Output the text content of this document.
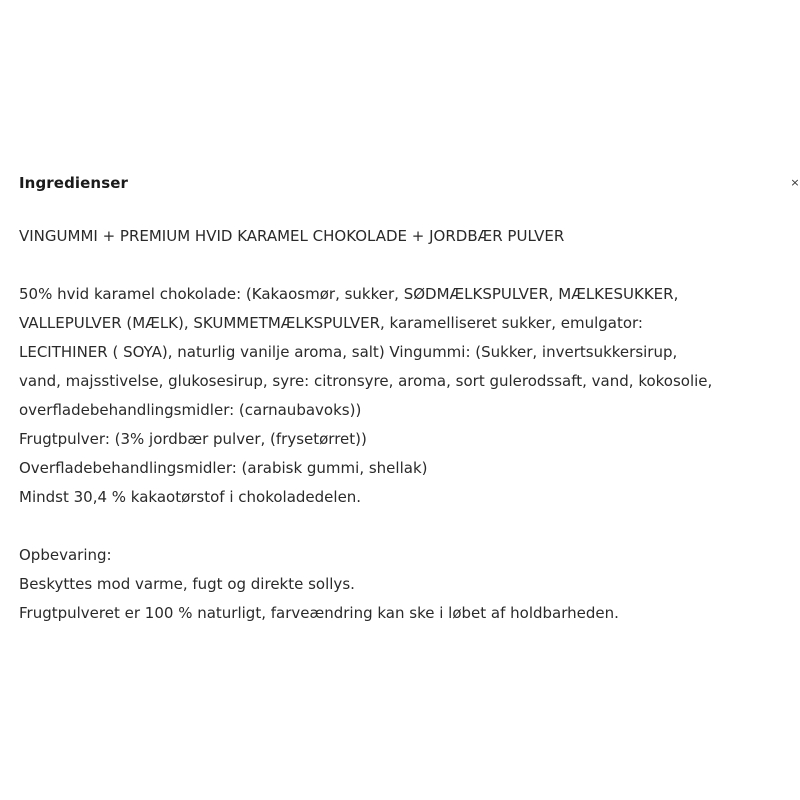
Ingredienser	×
VINGUMMI + PREMIUM HVID KARAMEL CHOKOLADE + JORDBÆR PULVER
50% hvid karamel chokolade: (Kakaosmør, sukker, SØDMÆLKSPULVER, MÆLKESUKKER,
VALLEPULVER (MÆLK), SKUMMETMÆLKSPULVER, karamelliseret sukker, emulgator:
LECITHINER ( SOYA), naturlig vanilje aroma, salt) Vingummi: (Sukker, invertsukkersirup,
vand, majsstivelse, glukosesirup, syre: citronsyre, aroma, sort gulerodssaft, vand, kokosolie,
overfladebehandlingsmidler: (carnaubavoks))
Frugtpulver: (3% jordbær pulver, (frysetørret))
Overfladebehandlingsmidler: (arabisk gummi, shellak)
Mindst 30,4 % kakaotørstof i chokoladedelen.
Opbevaring:
Beskyttes mod varme, fugt og direkte sollys.
Frugtpulveret er 100 % naturligt, farveændring kan ske i løbet af holdbarheden.
